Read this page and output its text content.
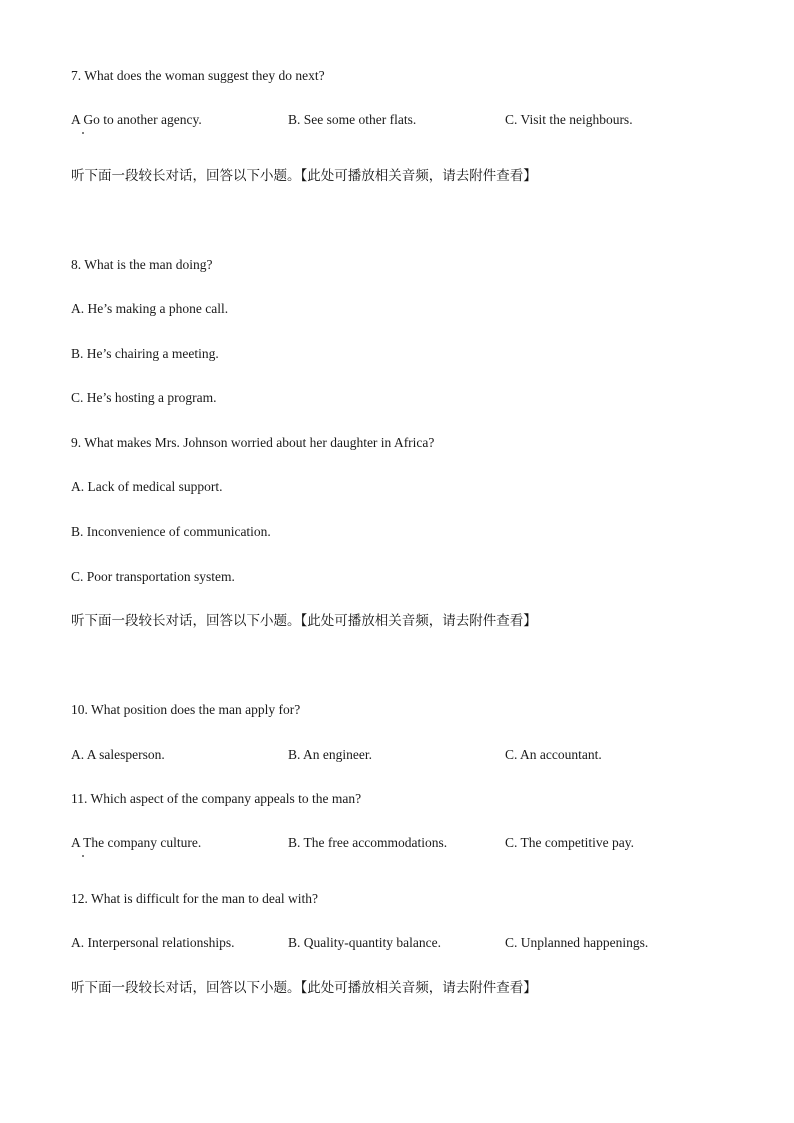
7. What does the woman suggest they do next?
A Go to another agency.	B. See some other flats.	C. Visit the neighbours.
听下面一段较长对话，回答以下小题。【此处可播放相关音频，请去附件查看】
8. What is the man doing?
A. He’s making a phone call.
B. He’s chairing a meeting.
C. He’s hosting a program.
9. What makes Mrs. Johnson worried about her daughter in Africa?
A. Lack of medical support.
B. Inconvenience of communication.
C. Poor transportation system.
听下面一段较长对话，回答以下小题。【此处可播放相关音频，请去附件查看】
10. What position does the man apply for?
A. A salesperson.	B. An engineer.	C. An accountant.
11. Which aspect of the company appeals to the man?
A The company culture.	B. The free accommodations.	C. The competitive pay.
12. What is difficult for the man to deal with?
A. Interpersonal relationships.	B. Quality-quantity balance.	C. Unplanned happenings.
听下面一段较长对话，回答以下小题。【此处可播放相关音频，请去附件查看】
